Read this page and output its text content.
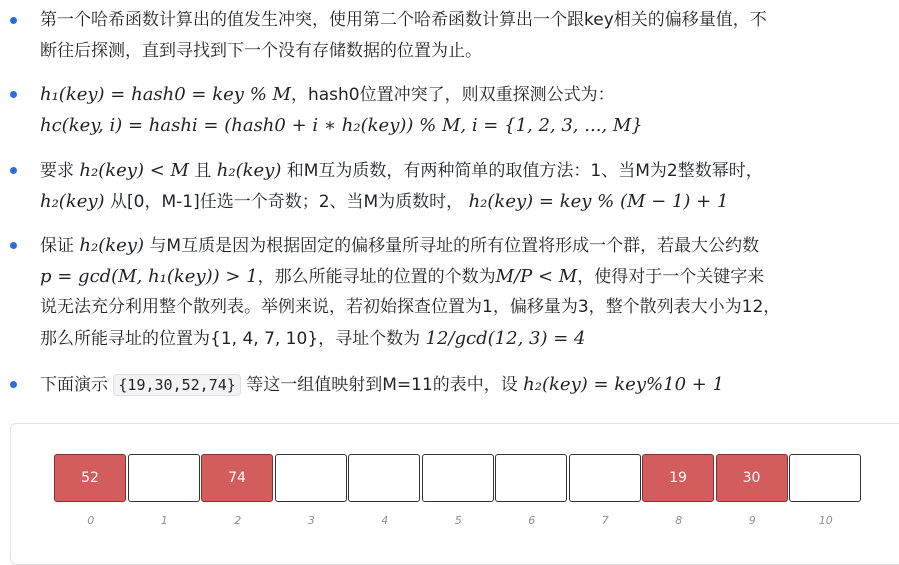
第一个哈希函数计算出的值发生冲突，使用第二个哈希函数计算出一个跟key相关的偏移量值，不
断往后探测，直到寻找到下一个没有存储数据的位置为止。
h₁(key) = hash0 = key % M，hash0位置冲突了，则双重探测公式为：
hc(key, i) = hashi = (hash0 + i ∗ h₂(key)) % M, i = {1, 2, 3, ..., M}
要求 h₂(key) < M 且 h₂(key) 和M互为质数，有两种简单的取值方法：1、当M为2整数幂时，
h₂(key) 从[0，M-1]任选一个奇数；2、当M为质数时， h₂(key) = key % (M − 1) + 1
保证 h₂(key) 与M互质是因为根据固定的偏移量所寻址的所有位置将形成一个群，若最大公约数
p = gcd(M, h₁(key)) > 1，那么所能寻址的位置的个数为M/P < M，使得对于一个关键字来
说无法充分利用整个散列表。举例来说，若初始探查位置为1，偏移量为3，整个散列表大小为12，
那么所能寻址的位置为{1, 4, 7, 10}，寻址个数为 12/gcd(12, 3) = 4
下面演示 {19,30,52,74} 等这一组值映射到M=11的表中，设 h₂(key) = key%10 + 1
52	74	19	30
0	1	2	3	4	5	6	7	8	9	10
